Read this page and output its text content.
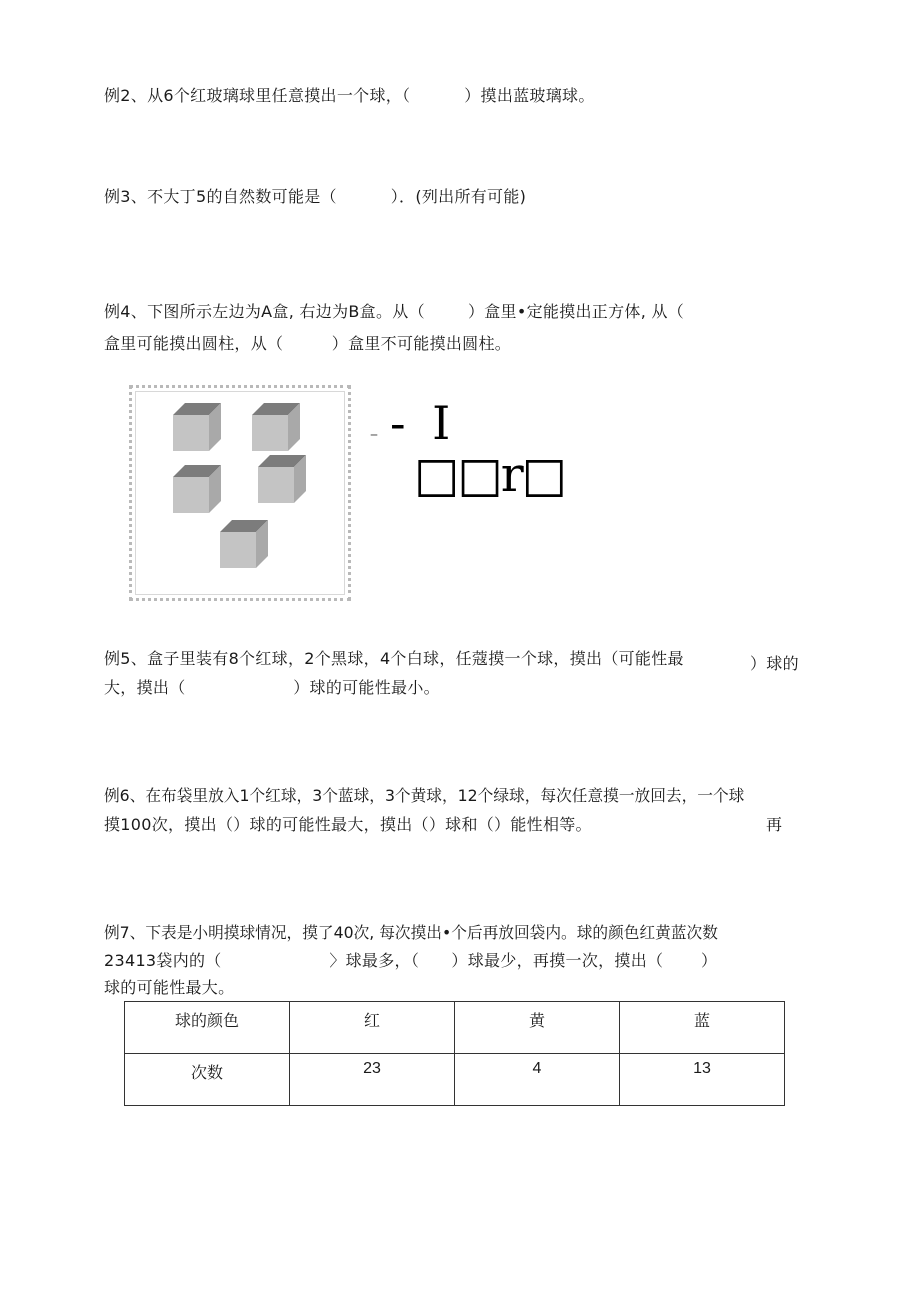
例2、从6个红玻璃球里任意摸出一个球，（          ）摸出蓝玻璃球。
例3、不大丁5的自然数可能是（          ）．(列出所有可能)
例4、下图所示左边为A盒, 右边为B盒。从（        ）盒里•定能摸出正方体, 从（
盒里可能摸出圆柱，从（         ）盒里不可能摸出圆柱。
– - I
□□r□
例5、盒子里装有8个红球，2个黑球，4个白球，任蔻摸一个球，摸出（可能性最	）球的
大，摸出（                    ）球的可能性最小。
例6、在布袋里放入1个红球，3个蓝球，3个黄球，12个绿球，每次任意摸一放回去，一个球
摸100次，摸出（）球的可能性最大，摸出（）球和（）能性相等。	再
例7、下表是小明摸球情况，摸了40次, 每次摸出•个后再放回袋内。球的颜色红黄蓝次数
23413袋内的（                    〉球最多，（      ）球最少，再摸一次，摸出（       ）
球的可能性最大。
球的颜色	红	黄	蓝
次数	23	4	13
